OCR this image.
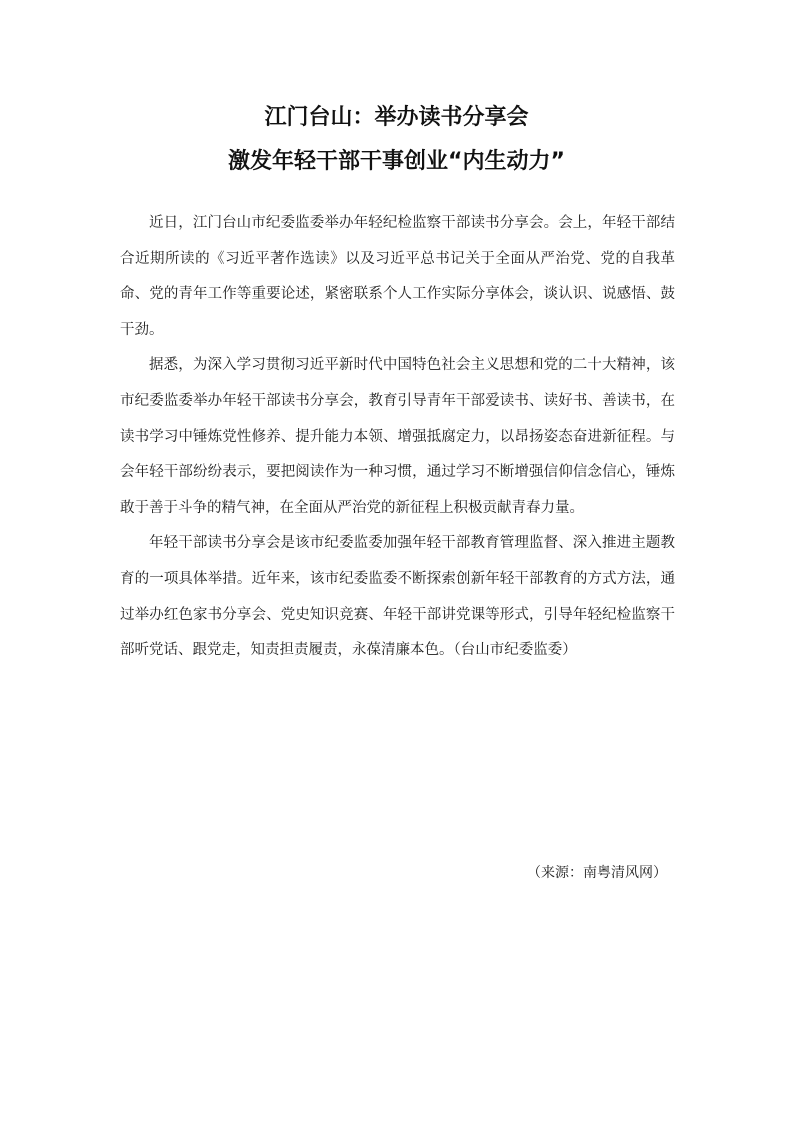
江门台山：举办读书分享会
激发年轻干部干事创业“内生动力”

近日，江门台山市纪委监委举办年轻纪检监察干部读书分享会。会上，年轻干部结合近期所读的《习近平著作选读》以及习近平总书记关于全面从严治党、党的自我革命、党的青年工作等重要论述，紧密联系个人工作实际分享体会，谈认识、说感悟、鼓干劲。

据悉，为深入学习贯彻习近平新时代中国特色社会主义思想和党的二十大精神，该市纪委监委举办年轻干部读书分享会，教育引导青年干部爱读书、读好书、善读书，在读书学习中锤炼党性修养、提升能力本领、增强抵腐定力，以昂扬姿态奋进新征程。与会年轻干部纷纷表示，要把阅读作为一种习惯，通过学习不断增强信仰信念信心，锤炼敢于善于斗争的精气神，在全面从严治党的新征程上积极贡献青春力量。

年轻干部读书分享会是该市纪委监委加强年轻干部教育管理监督、深入推进主题教育的一项具体举措。近年来，该市纪委监委不断探索创新年轻干部教育的方式方法，通过举办红色家书分享会、党史知识竞赛、年轻干部讲党课等形式，引导年轻纪检监察干部听党话、跟党走，知责担责履责，永葆清廉本色。（台山市纪委监委）

（来源：南粤清风网）
